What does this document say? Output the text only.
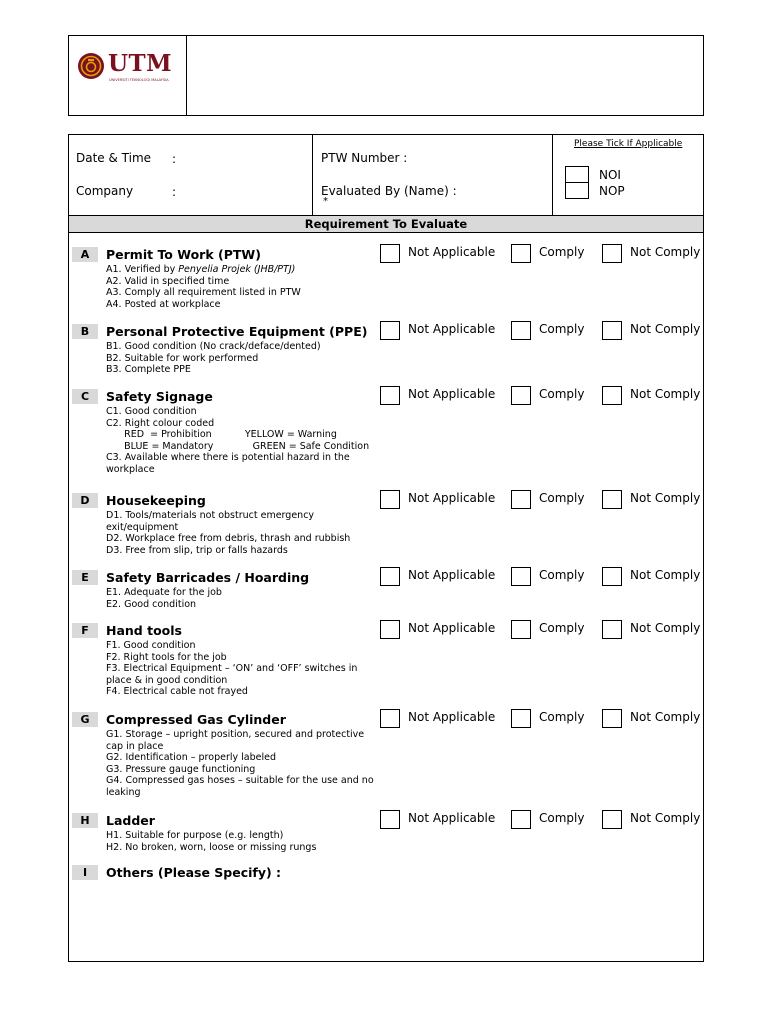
UTM
UNIVERSITI TEKNOLOGI MALAYSIA
Date & Time :
Company	:
PTW Number :
Evaluated By (Name) :
*
Please Tick If Applicable
NOI
NOP
Requirement To Evaluate
A	Permit To Work (PTW)
A1. Verified by Penyelia Projek (JHB/PTJ)
A2. Valid in specified time
A3. Comply all requirement listed in PTW
A4. Posted at workplace
Not Applicable	Comply	Not Comply
B	Personal Protective Equipment (PPE)
B1. Good condition (No crack/deface/dented)
B2. Suitable for work performed
B3. Complete PPE
Not Applicable	Comply	Not Comply
C	Safety Signage
C1. Good condition
C2. Right colour coded
RED  = Prohibition           YELLOW = Warning
BLUE = Mandatory             GREEN = Safe Condition
C3. Available where there is potential hazard in the workplace
Not Applicable	Comply	Not Comply
D	Housekeeping
D1. Tools/materials not obstruct emergency exit/equipment
D2. Workplace free from debris, thrash and rubbish
D3. Free from slip, trip or falls hazards
Not Applicable	Comply	Not Comply
E	Safety Barricades / Hoarding
E1. Adequate for the job
E2. Good condition
Not Applicable	Comply	Not Comply
F	Hand tools
F1. Good condition
F2. Right tools for the job
F3. Electrical Equipment – ‘ON’ and ‘OFF’ switches in place & in good condition
F4. Electrical cable not frayed
Not Applicable	Comply	Not Comply
G	Compressed Gas Cylinder
G1. Storage – upright position, secured and protective cap in place
G2. Identification – properly labeled
G3. Pressure gauge functioning
G4. Compressed gas hoses – suitable for the use and no leaking
Not Applicable	Comply	Not Comply
H	Ladder
H1. Suitable for purpose (e.g. length)
H2. No broken, worn, loose or missing rungs
Not Applicable	Comply	Not Comply
I	Others (Please Specify) :
